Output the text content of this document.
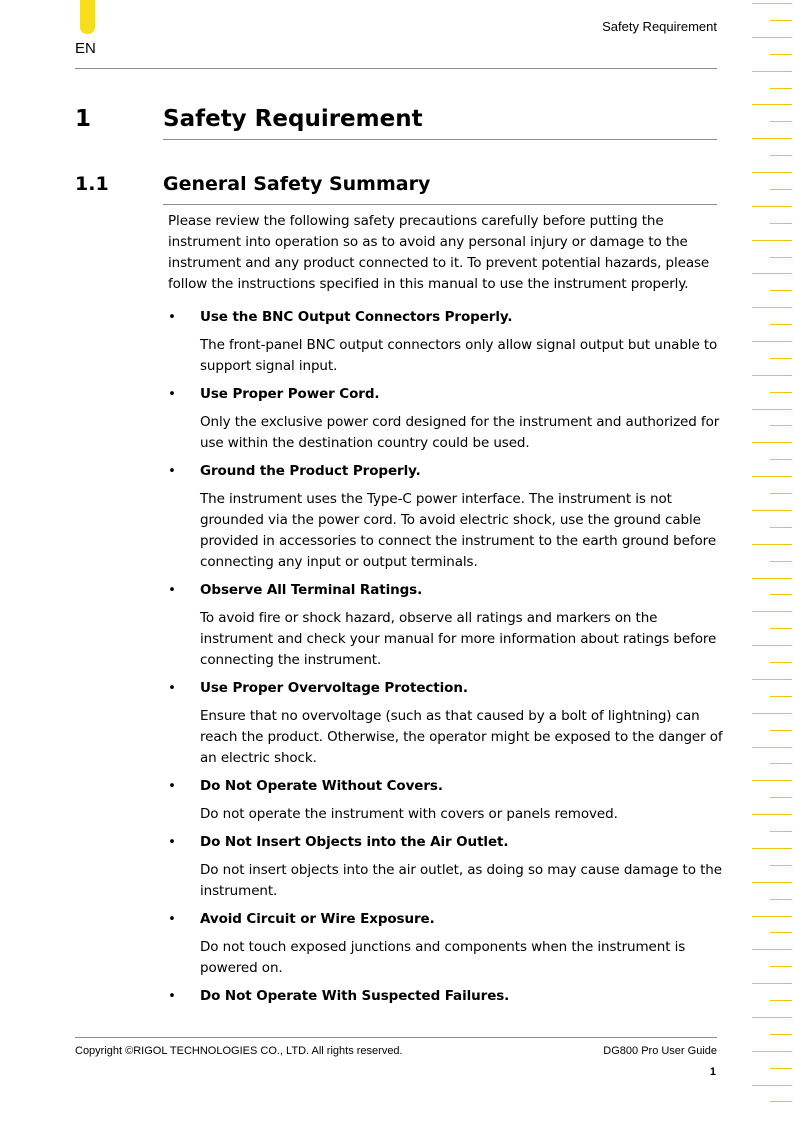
EN
Safety Requirement
1	Safety Requirement
1.1	General Safety Summary

Please review the following safety precautions carefully before putting the instrument into operation so as to avoid any personal injury or damage to the instrument and any product connected to it. To prevent potential hazards, please follow the instructions specified in this manual to use the instrument properly.

• Use the BNC Output Connectors Properly.

The front-panel BNC output connectors only allow signal output but unable to support signal input.

• Use Proper Power Cord.

Only the exclusive power cord designed for the instrument and authorized for use within the destination country could be used.

• Ground the Product Properly.

The instrument uses the Type-C power interface. The instrument is not grounded via the power cord. To avoid electric shock, use the ground cable provided in accessories to connect the instrument to the earth ground before connecting any input or output terminals.

• Observe All Terminal Ratings.

To avoid fire or shock hazard, observe all ratings and markers on the instrument and check your manual for more information about ratings before connecting the instrument.

• Use Proper Overvoltage Protection.

Ensure that no overvoltage (such as that caused by a bolt of lightning) can reach the product. Otherwise, the operator might be exposed to the danger of an electric shock.

• Do Not Operate Without Covers.

Do not operate the instrument with covers or panels removed.

• Do Not Insert Objects into the Air Outlet.

Do not insert objects into the air outlet, as doing so may cause damage to the instrument.

• Avoid Circuit or Wire Exposure.

Do not touch exposed junctions and components when the instrument is powered on.

• Do Not Operate With Suspected Failures.
Copyright ©RIGOL TECHNOLOGIES CO., LTD. All rights reserved.	DG800 Pro User Guide
1
